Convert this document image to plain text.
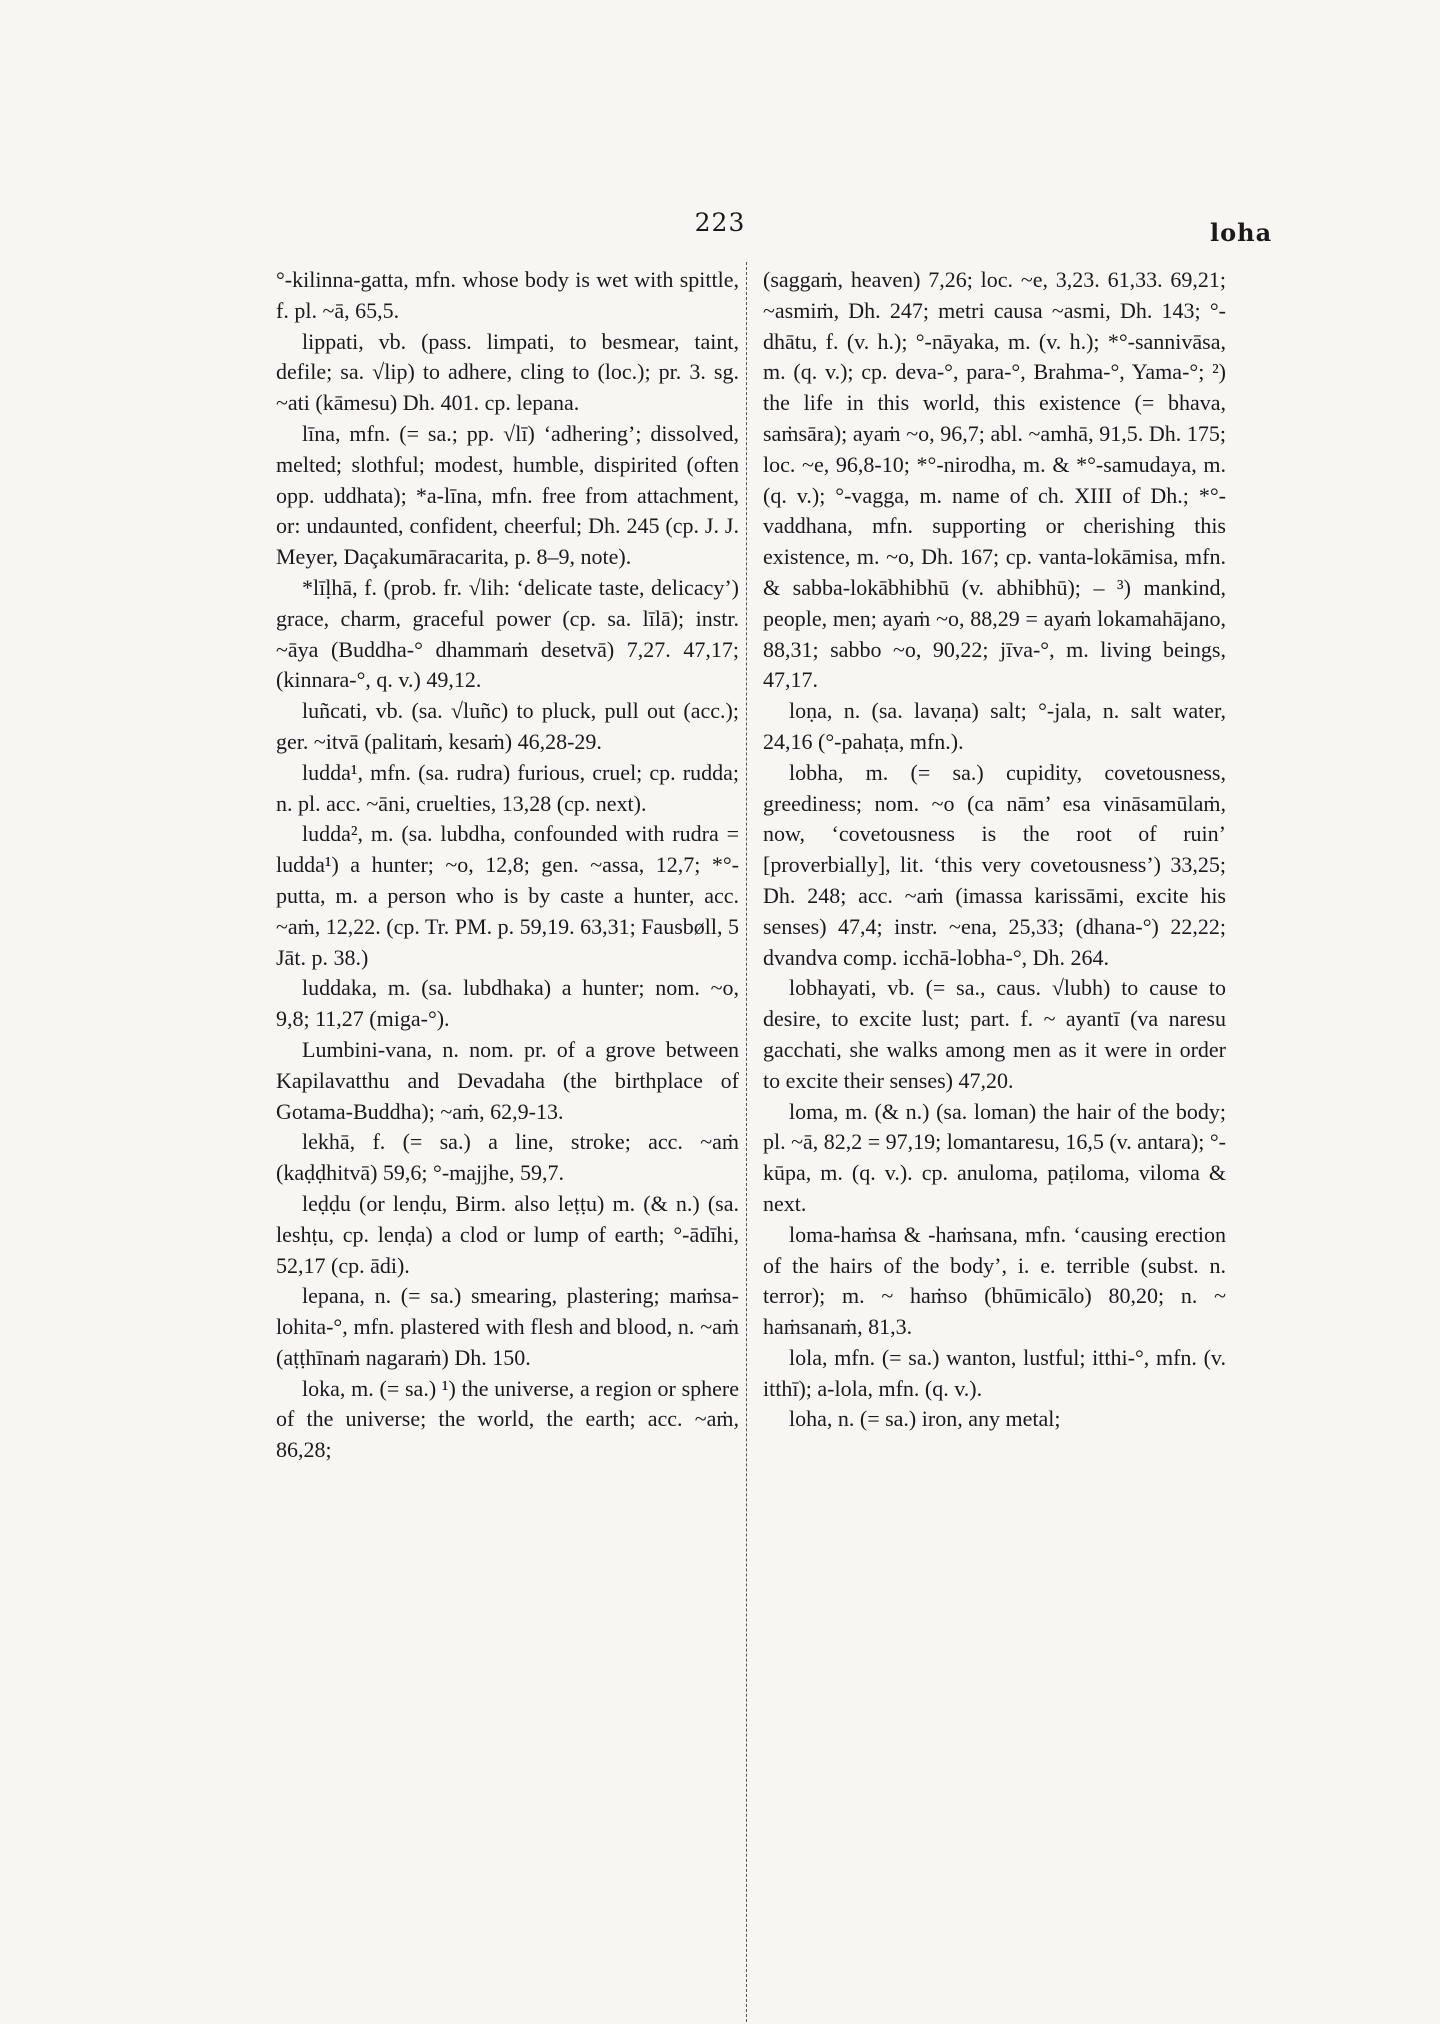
223	loha

°-kilinna-gatta, mfn. whose body is wet with spittle, f. pl. ~ā, 65,5.

lippati, vb. (pass. limpati, to besmear, taint, defile; sa. √lip) to adhere, cling to (loc.); pr. 3. sg. ~ati (kāmesu) Dh. 401. cp. lepana.

līna, mfn. (= sa.; pp. √lī) ‘adhering’; dissolved, melted; slothful; modest, humble, dispirited (often opp. uddhata); *a-līna, mfn. free from attachment, or: undaunted, confident, cheerful; Dh. 245 (cp. J. J. Meyer, Daçakumāracarita, p. 8–9, note).

*līḷhā, f. (prob. fr. √lih: ‘delicate taste, delicacy’) grace, charm, graceful power (cp. sa. līlā); instr. ~āya (Buddha-° dhammaṁ desetvā) 7,27. 47,17; (kinnara-°, q. v.) 49,12.

luñcati, vb. (sa. √luñc) to pluck, pull out (acc.); ger. ~itvā (palitaṁ, kesaṁ) 46,28-29.

ludda¹, mfn. (sa. rudra) furious, cruel; cp. rudda; n. pl. acc. ~āni, cruelties, 13,28 (cp. next).

ludda², m. (sa. lubdha, confounded with rudra = ludda¹) a hunter; ~o, 12,8; gen. ~assa, 12,7; *°-putta, m. a person who is by caste a hunter, acc. ~aṁ, 12,22. (cp. Tr. PM. p. 59,19. 63,31; Fausbøll, 5 Jāt. p. 38.)

luddaka, m. (sa. lubdhaka) a hunter; nom. ~o, 9,8; 11,27 (miga-°).

Lumbini-vana, n. nom. pr. of a grove between Kapilavatthu and Devadaha (the birthplace of Gotama-Buddha); ~aṁ, 62,9-13.

lekhā, f. (= sa.) a line, stroke; acc. ~aṁ (kaḍḍhitvā) 59,6; °-majjhe, 59,7.

leḍḍu (or lenḍu, Birm. also leṭṭu) m. (& n.) (sa. leshṭu, cp. lenḍa) a clod or lump of earth; °-ādīhi, 52,17 (cp. ādi).

lepana, n. (= sa.) smearing, plastering; maṁsa-lohita-°, mfn. plastered with flesh and blood, n. ~aṁ (aṭṭhīnaṁ nagaraṁ) Dh. 150.

loka, m. (= sa.) ¹) the universe, a region or sphere of the universe; the world, the earth; acc. ~aṁ, 86,28;

(saggaṁ, heaven) 7,26; loc. ~e, 3,23. 61,33. 69,21; ~asmiṁ, Dh. 247; metri causa ~asmi, Dh. 143; °-dhātu, f. (v. h.); °-nāyaka, m. (v. h.); *°-sannivāsa, m. (q. v.); cp. deva-°, para-°, Brahma-°, Yama-°; ²) the life in this world, this existence (= bhava, saṁsāra); ayaṁ ~o, 96,7; abl. ~amhā, 91,5. Dh. 175; loc. ~e, 96,8-10; *°-nirodha, m. & *°-samudaya, m. (q. v.); °-vagga, m. name of ch. XIII of Dh.; *°-vaddhana, mfn. supporting or cherishing this existence, m. ~o, Dh. 167; cp. vanta-lokāmisa, mfn. & sabba-lokābhibhū (v. abhibhū); – ³) mankind, people, men; ayaṁ ~o, 88,29 = ayaṁ lokamahājano, 88,31; sabbo ~o, 90,22; jīva-°, m. living beings, 47,17.

loṇa, n. (sa. lavaṇa) salt; °-jala, n. salt water, 24,16 (°-pahaṭa, mfn.).

lobha, m. (= sa.) cupidity, covetousness, greediness; nom. ~o (ca nām’ esa vināsamūlaṁ, now, ‘covetousness is the root of ruin’ [proverbially], lit. ‘this very covetousness’) 33,25; Dh. 248; acc. ~aṁ (imassa karissāmi, excite his senses) 47,4; instr. ~ena, 25,33; (dhana-°) 22,22; dvandva comp. icchā-lobha-°, Dh. 264.

lobhayati, vb. (= sa., caus. √lubh) to cause to desire, to excite lust; part. f. ~ ayantī (va naresu gacchati, she walks among men as it were in order to excite their senses) 47,20.

loma, m. (& n.) (sa. loman) the hair of the body; pl. ~ā, 82,2 = 97,19; lomantaresu, 16,5 (v. antara); °-kūpa, m. (q. v.). cp. anuloma, paṭiloma, viloma & next.

loma-haṁsa & -haṁsana, mfn. ‘causing erection of the hairs of the body’, i. e. terrible (subst. n. terror); m. ~ haṁso (bhūmicālo) 80,20; n. ~ haṁsanaṁ, 81,3.

lola, mfn. (= sa.) wanton, lustful; itthi-°, mfn. (v. itthī); a-lola, mfn. (q. v.).

loha, n. (= sa.) iron, any metal;
